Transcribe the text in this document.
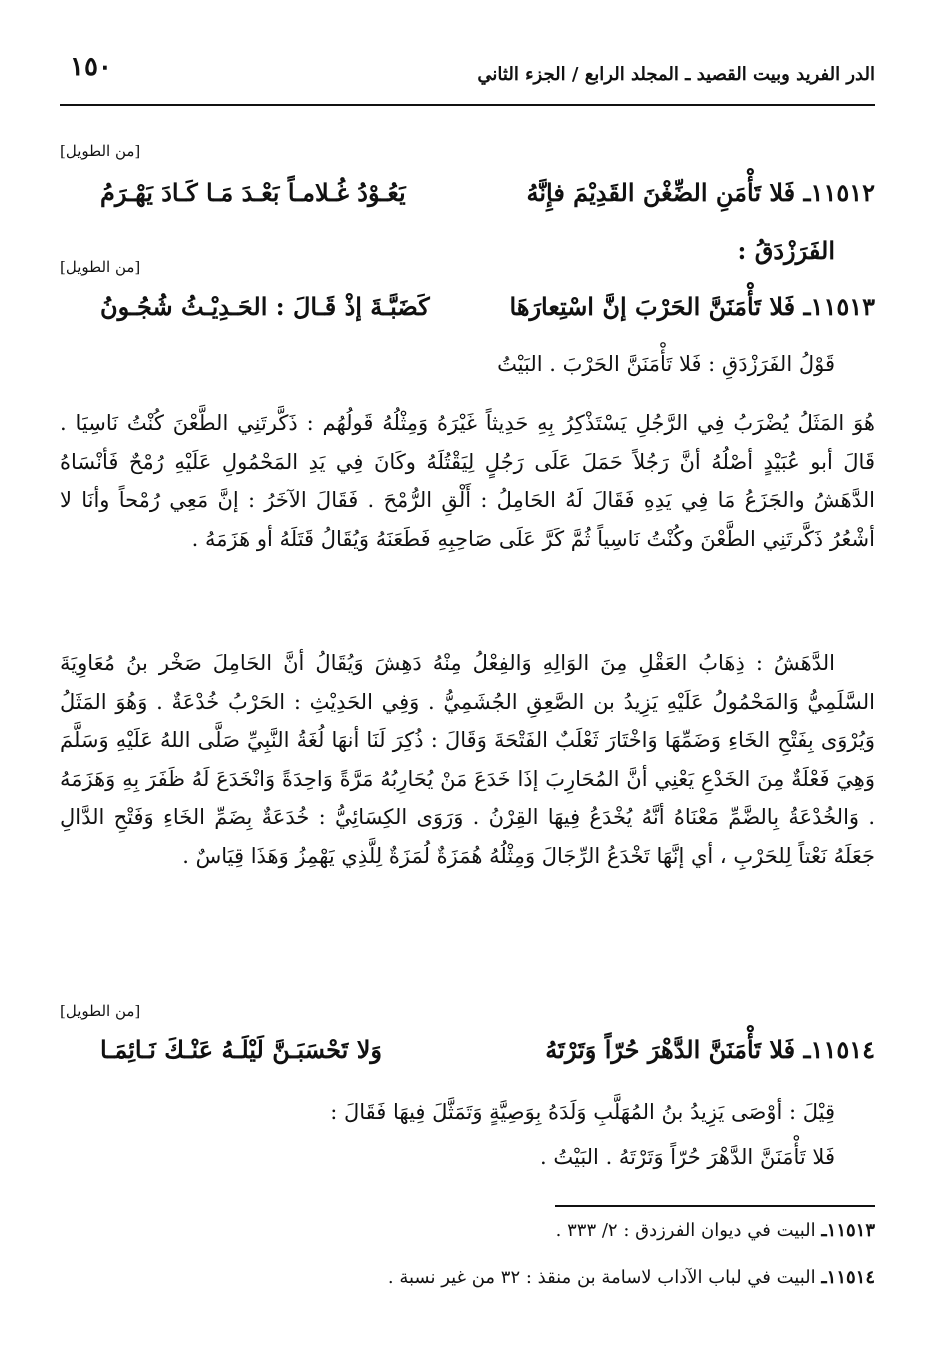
الدر الفريد وبيت القصيد ـ المجلد الرابع / الجزء الثاني
١٥٠
[من الطويل]
١١٥١٢ـ فَلا تَأْمَنِ الضِّغْنَ القَدِيْمَ فإِنَّهُ
يَعُـوْدُ غُـلامـاً بَعْـدَ مَـا كَـادَ يَهْـرَمُ
الفَرَزْدَقُ :
[من الطويل]
١١٥١٣ـ فَلا تَأْمَنَنَّ الحَرْبَ إنَّ اسْتِعارَهَا
كَضَبَّـةَ إذْ قَـالَ : الحَـدِيْـثُ شُجُـونُ
قَوْلُ الفَرَزْدَقِ : فَلا تَأْمَنَنَّ الحَرْبَ . البَيْتُ

هُوَ المَثَلُ يُضْرَبُ فِي الرَّجُلِ يَسْتَذْكِرُ بِهِ حَدِيثاً غَيْرَهُ وَمِثْلُهُ قَولُهُم : ذَكَّرتَنِي الطَّعْنَ كُنْتُ نَاسِيَا . قَالَ أبو عُبَيْدٍ أصْلُهُ أنَّ رَجُلاً حَمَلَ عَلَى رَجُلٍ لِيَقْتُلَهُ وكَانَ فِي يَدِ المَحْمُولِ عَلَيْهِ رُمْحٌ فَأنْسَاهُ الدَّهَشُ والجَزَعُ مَا فِي يَدِهِ فَقَالَ لَهُ الحَامِلُ : أَلْقِ الرُّمْحَ . فَقَالَ الآخَرُ : إنَّ مَعِي رُمْحاً وأنَا لا أشْعُرُ ذَكَّرتَنِي الطَّعْنَ وكُنْتُ نَاسِياً ثُمَّ كَرَّ عَلَى صَاحِبِهِ فَطَعَنَهُ وَيُقَالُ قَتَلَهُ أو هَزَمَهُ .

الدَّهَشُ : ذِهَابُ العَقْلِ مِنَ الوَالِهِ وَالفِعْلُ مِنْهُ دَهِشَ وَيُقَالُ أنَّ الحَامِلَ صَخْر بنُ مُعَاوِيَةَ السَّلَمِيُّ وَالمَحْمُولُ عَلَيْهِ يَزِيدُ بن الصَّعِقِ الجُشَمِيُّ . وَفِي الحَدِيْثِ : الحَرْبُ خُدْعَةٌ . وَهُوَ المَثَلُ وَيُرْوَى بِفَتْحِ الخَاءِ وَضَمِّهَا وَاخْتَارَ ثَعْلَبٌ الفَتْحَةَ وَقَالَ : ذُكِرَ لَنَا أنهَا لُغَةُ النَّبِيِّ صَلَّى اللهُ عَلَيْهِ وَسَلَّمَ وَهِيَ فَعْلَةٌ مِنَ الخَدْعِ يَعْنِي أنَّ المُحَارِبَ إذَا خَدَعَ مَنْ يُحَارِبُهُ مَرَّةً وَاحِدَةً وَانْخَدَعَ لَهُ ظَفَرَ بِهِ وَهَزَمَهُ . وَالخُدْعَةُ بِالضَّمِّ مَعْنَاهُ أنَّهُ يُخْدَعُ فِيهَا القِرْنُ . وَرَوَى الكِسَائِيُّ : خُدَعَةٌ بِضَمِّ الخَاءِ وَفَتْحِ الدَّالِ جَعَلَهُ نَعْتاً لِلحَرْبِ ، أي إنَّهَا تَخْدَعُ الرِّجَالَ وَمِثْلُهُ هُمَزَةٌ لُمَزَةٌ لِلَّذِي يَهْمِزُ وَهَذَا قِيَاسٌ .

[من الطويل]
١١٥١٤ـ فَلا تَأْمَنَنَّ الدَّهْرَ حُرّاً وَتَرْتَهُ
وَلا تَحْسَبَـنَّ لَيْلَـهُ عَنْـكَ نَـائِمَـا
قِيْلَ : أوْصَى يَزِيدُ بنُ المُهَلَّبِ وَلَدَهُ بِوَصِيَّةٍ وَتَمَثَّلَ فِيهَا فَقَالَ :
فَلا تَأْمَنَنَّ الدَّهْرَ حُرّاً وَتَرْتَهُ . البَيْتُ .
١١٥١٣ـ البيت في ديوان الفرزدق : ٢/ ٣٣٣ .
١١٥١٤ـ البيت في لباب الآداب لاسامة بن منقذ : ٣٢ من غير نسبة .
